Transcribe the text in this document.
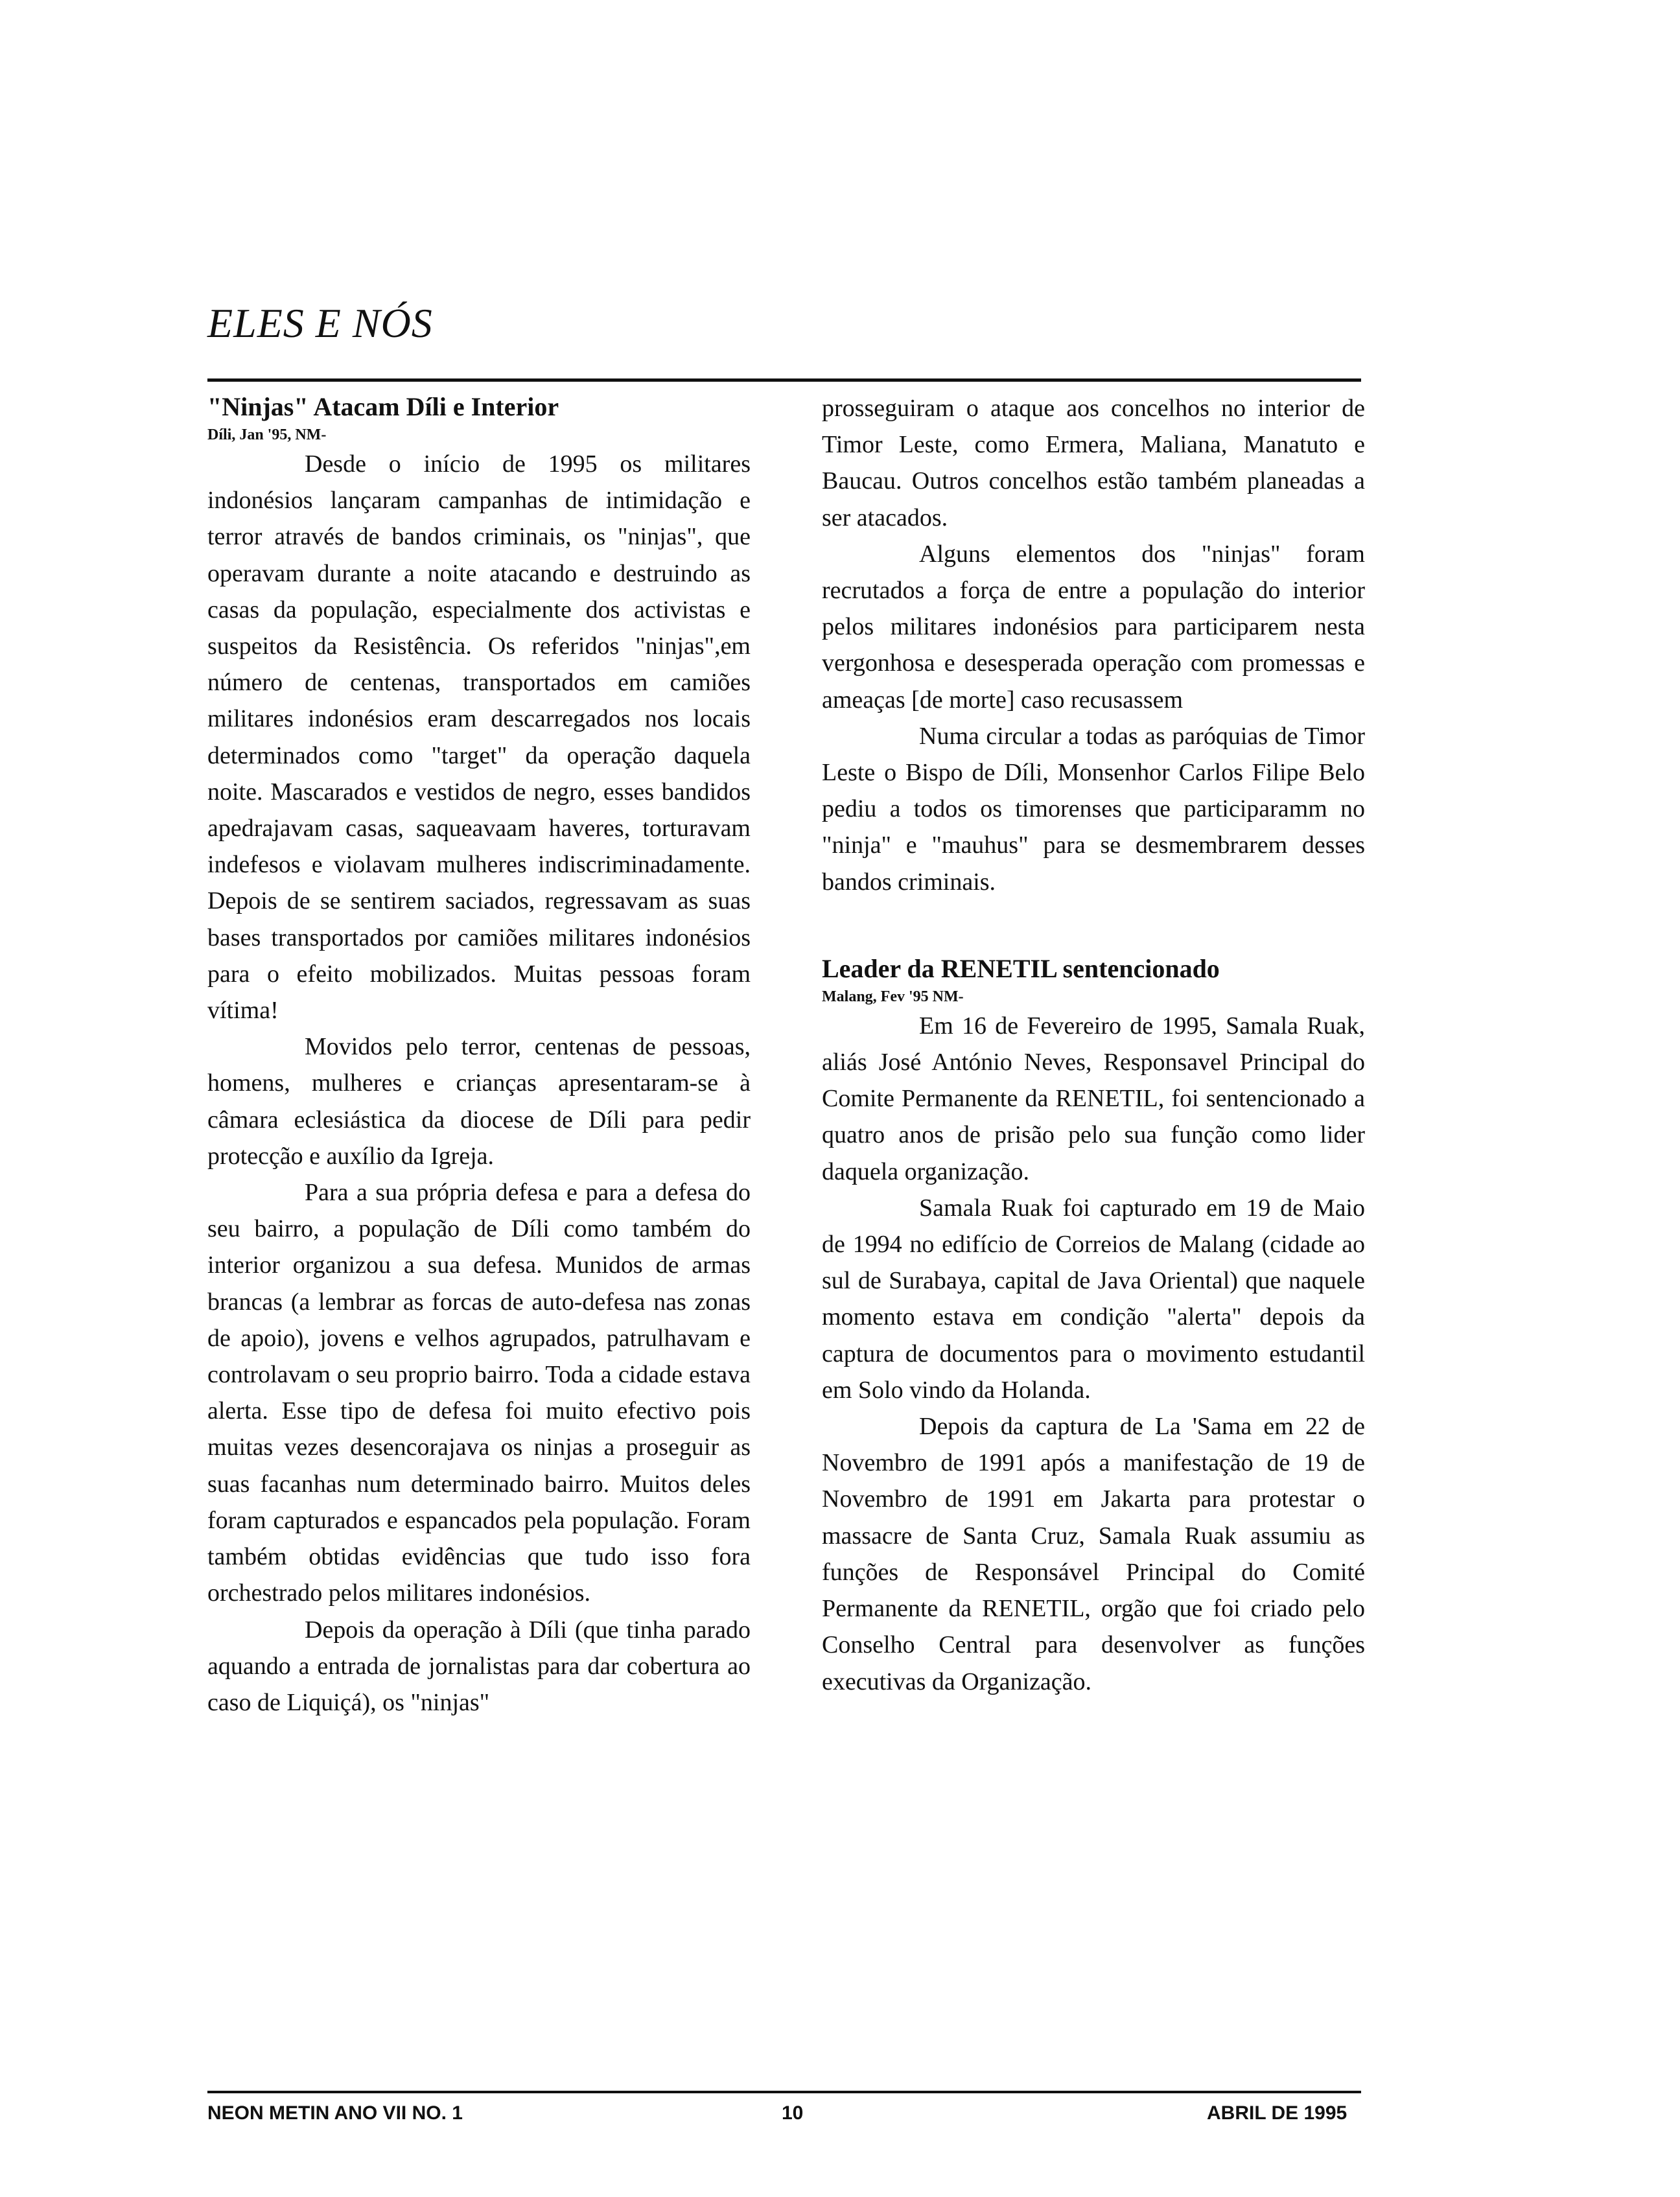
ELES E NÓS
"Ninjas" Atacam Díli e Interior
Díli, Jan '95, NM-

Desde o início de 1995 os militares indonésios lançaram campanhas de intimidação e terror através de bandos criminais, os "ninjas", que operavam durante a noite atacando e destruindo as casas da população, especialmente dos activistas e suspeitos da Resistência. Os referidos "ninjas",em número de centenas, transportados em camiões militares indonésios eram descarregados nos locais determinados como "target" da operação daquela noite. Mascarados e vestidos de negro, esses bandidos apedrajavam casas, saqueavaam haveres, torturavam indefesos e violavam mulheres indiscriminadamente. Depois de se sentirem saciados, regressavam as suas bases transportados por camiões militares indonésios para o efeito mobilizados. Muitas pessoas foram vítima!

Movidos pelo terror, centenas de pessoas, homens, mulheres e crianças apresentaram-se à câmara eclesiástica da diocese de Díli para pedir protecção e auxílio da Igreja.

Para a sua própria defesa e para a defesa do seu bairro, a população de Díli como também do interior organizou a sua defesa. Munidos de armas brancas (a lembrar as forcas de auto-defesa nas zonas de apoio), jovens e velhos agrupados, patrulhavam e controlavam o seu proprio bairro. Toda a cidade estava alerta. Esse tipo de defesa foi muito efectivo pois muitas vezes desencorajava os ninjas a proseguir as suas facanhas num determinado bairro. Muitos deles foram capturados e espancados pela população. Foram também obtidas evidências que tudo isso fora orchestrado pelos militares indonésios.

Depois da operação à Díli (que tinha parado aquando a entrada de jornalistas para dar cobertura ao caso de Liquiçá), os "ninjas"

prosseguiram o ataque aos concelhos no interior de Timor Leste, como Ermera, Maliana, Manatuto e Baucau. Outros concelhos estão também planeadas a ser atacados.

Alguns elementos dos "ninjas" foram recrutados a força de entre a população do interior pelos militares indonésios para participarem nesta vergonhosa e desesperada operação com promessas e ameaças [de morte] caso recusassem

Numa circular a todas as paróquias de Timor Leste o Bispo de Díli, Monsenhor Carlos Filipe Belo pediu a todos os timorenses que participaramm no "ninja" e "mauhus" para se desmembrarem desses bandos criminais.

Leader da RENETIL sentencionado
Malang, Fev '95 NM-

Em 16 de Fevereiro de 1995, Samala Ruak, aliás José António Neves, Responsavel Principal do Comite Permanente da RENETIL, foi sentencionado a quatro anos de prisão pelo sua função como lider daquela organização.

Samala Ruak foi capturado em 19 de Maio de 1994 no edifício de Correios de Malang (cidade ao sul de Surabaya, capital de Java Oriental) que naquele momento estava em condição "alerta" depois da captura de documentos para o movimento estudantil em Solo vindo da Holanda.

Depois da captura de La 'Sama em 22 de Novembro de 1991 após a manifestação de 19 de Novembro de 1991 em Jakarta para protestar o massacre de Santa Cruz, Samala Ruak assumiu as funções de Responsável Principal do Comité Permanente da RENETIL, orgão que foi criado pelo Conselho Central para desenvolver as funções executivas da Organização.

NEON METIN ANO VII NO. 1	10	ABRIL DE 1995
